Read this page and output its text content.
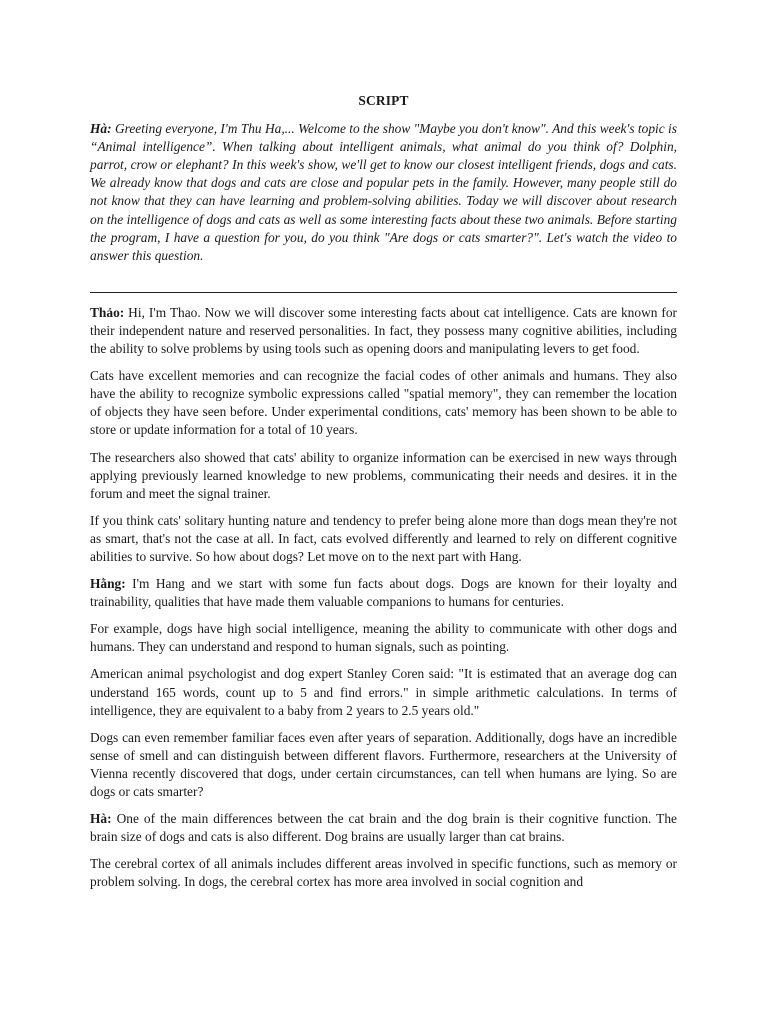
SCRIPT

Hà: Greeting everyone, I'm Thu Ha,... Welcome to the show "Maybe you don't know". And this week's topic is “Animal intelligence”. When talking about intelligent animals, what animal do you think of? Dolphin, parrot, crow or elephant? In this week's show, we'll get to know our closest intelligent friends, dogs and cats. We already know that dogs and cats are close and popular pets in the family. However, many people still do not know that they can have learning and problem-solving abilities. Today we will discover about research on the intelligence of dogs and cats as well as some interesting facts about these two animals. Before starting the program, I have a question for you, do you think "Are dogs or cats smarter?". Let's watch the video to answer this question.

Thảo: Hi, I'm Thao. Now we will discover some interesting facts about cat intelligence. Cats are known for their independent nature and reserved personalities. In fact, they possess many cognitive abilities, including the ability to solve problems by using tools such as opening doors and manipulating levers to get food.

Cats have excellent memories and can recognize the facial codes of other animals and humans. They also have the ability to recognize symbolic expressions called "spatial memory", they can remember the location of objects they have seen before. Under experimental conditions, cats' memory has been shown to be able to store or update information for a total of 10 years.

The researchers also showed that cats' ability to organize information can be exercised in new ways through applying previously learned knowledge to new problems, communicating their needs and desires. it in the forum and meet the signal trainer.

If you think cats' solitary hunting nature and tendency to prefer being alone more than dogs mean they're not as smart, that's not the case at all. In fact, cats evolved differently and learned to rely on different cognitive abilities to survive. So how about dogs? Let move on to the next part with Hang.

Hằng: I'm Hang and we start with some fun facts about dogs. Dogs are known for their loyalty and trainability, qualities that have made them valuable companions to humans for centuries.

For example, dogs have high social intelligence, meaning the ability to communicate with other dogs and humans. They can understand and respond to human signals, such as pointing.

American animal psychologist and dog expert Stanley Coren said: "It is estimated that an average dog can understand 165 words, count up to 5 and find errors." in simple arithmetic calculations. In terms of intelligence, they are equivalent to a baby from 2 years to 2.5 years old."

Dogs can even remember familiar faces even after years of separation. Additionally, dogs have an incredible sense of smell and can distinguish between different flavors. Furthermore, researchers at the University of Vienna recently discovered that dogs, under certain circumstances, can tell when humans are lying. So are dogs or cats smarter?

Hà: One of the main differences between the cat brain and the dog brain is their cognitive function. The brain size of dogs and cats is also different. Dog brains are usually larger than cat brains.

The cerebral cortex of all animals includes different areas involved in specific functions, such as memory or problem solving. In dogs, the cerebral cortex has more area involved in social cognition and
